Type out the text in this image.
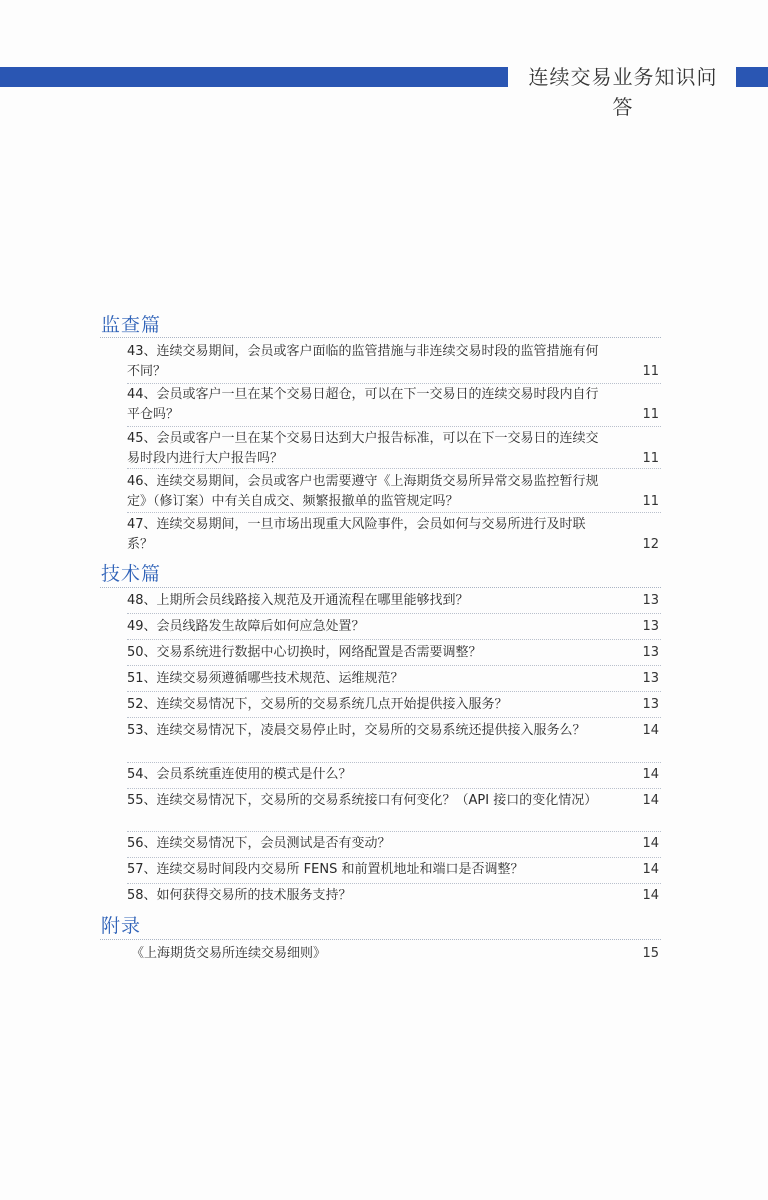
连续交易业务知识问答
监查篇
43、连续交易期间，会员或客户面临的监管措施与非连续交易时段的监管措施有何不同？	11
44、会员或客户一旦在某个交易日超仓，可以在下一交易日的连续交易时段内自行平仓吗？	11
45、会员或客户一旦在某个交易日达到大户报告标准，可以在下一交易日的连续交易时段内进行大户报告吗？	11
46、连续交易期间，会员或客户也需要遵守《上海期货交易所异常交易监控暂行规定》（修订案）中有关自成交、频繁报撤单的监管规定吗？	11
47、连续交易期间，一旦市场出现重大风险事件，会员如何与交易所进行及时联系？	12
技术篇
48、上期所会员线路接入规范及开通流程在哪里能够找到？	13
49、会员线路发生故障后如何应急处置？	13
50、交易系统进行数据中心切换时，网络配置是否需要调整？	13
51、连续交易须遵循哪些技术规范、运维规范？	13
52、连续交易情况下，交易所的交易系统几点开始提供接入服务？	13
53、连续交易情况下，凌晨交易停止时，交易所的交易系统还提供接入服务么？	14
54、会员系统重连使用的模式是什么？	14
55、连续交易情况下，交易所的交易系统接口有何变化？（API 接口的变化情况）	14
56、连续交易情况下，会员测试是否有变动？	14
57、连续交易时间段内交易所 FENS 和前置机地址和端口是否调整？	14
58、如何获得交易所的技术服务支持？	14
附录
《上海期货交易所连续交易细则》	15
